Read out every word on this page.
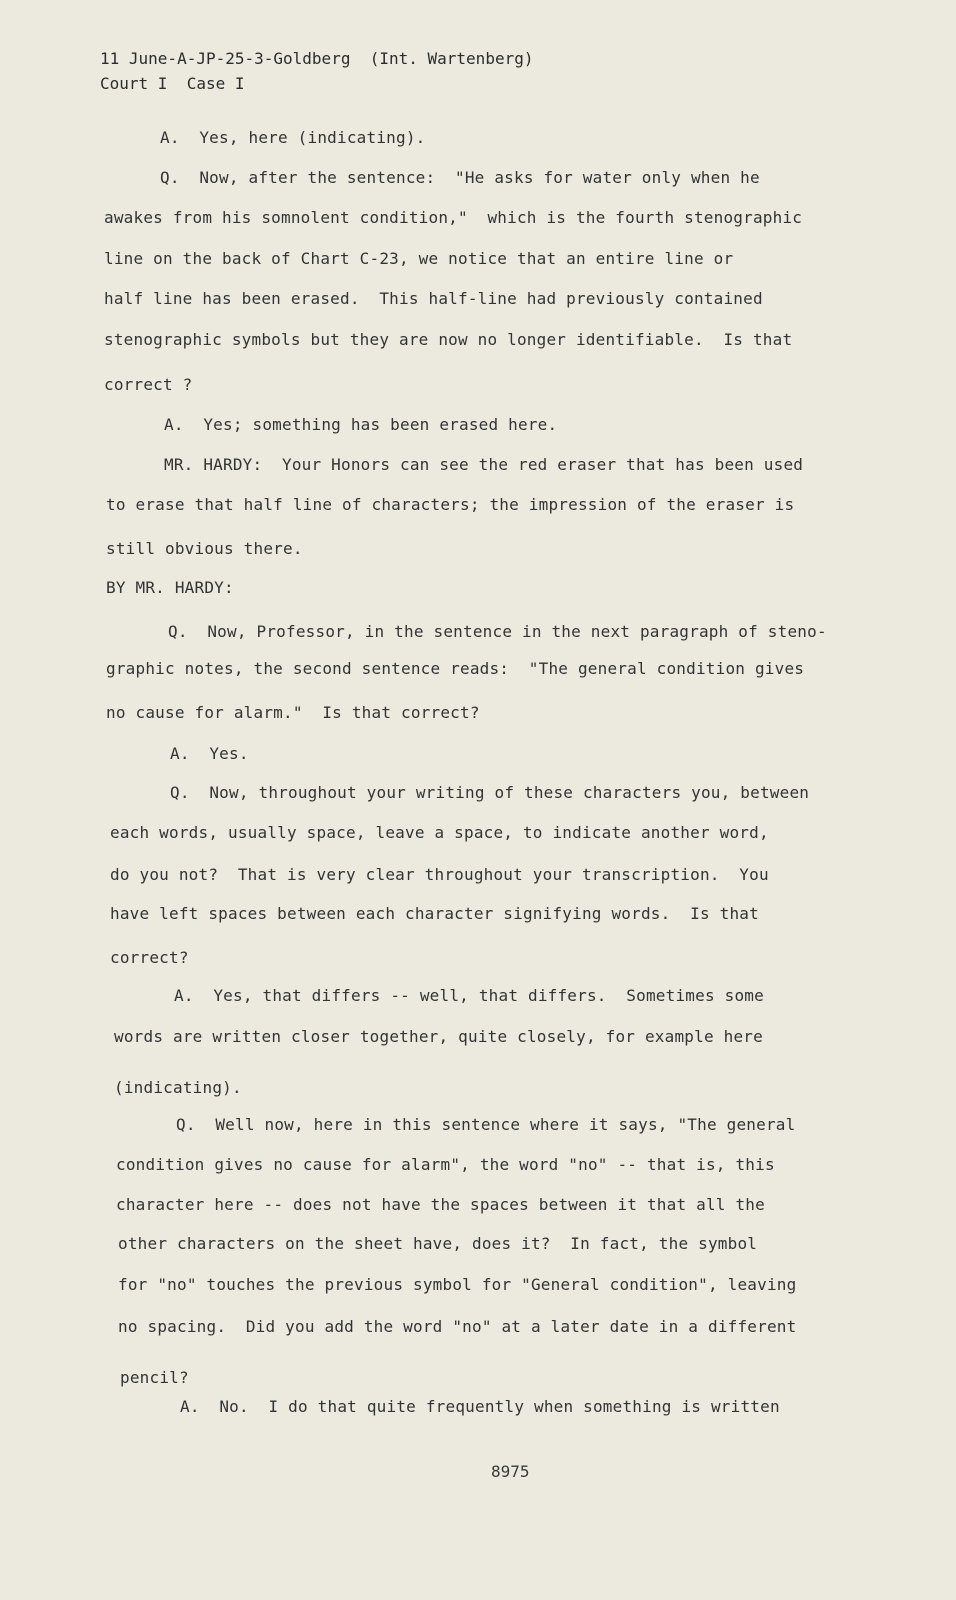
11 June-A-JP-25-3-Goldberg  (Int. Wartenberg)
Court I  Case I
A.  Yes, here (indicating).
Q.  Now, after the sentence:  "He asks for water only when he
awakes from his somnolent condition,"  which is the fourth stenographic
line on the back of Chart C-23, we notice that an entire line or
half line has been erased.  This half-line had previously contained
stenographic symbols but they are now no longer identifiable.  Is that
correct ?
A.  Yes; something has been erased here.
MR. HARDY:  Your Honors can see the red eraser that has been used
to erase that half line of characters; the impression of the eraser is
still obvious there.
BY MR. HARDY:
Q.  Now, Professor, in the sentence in the next paragraph of steno-
graphic notes, the second sentence reads:  "The general condition gives
no cause for alarm."  Is that correct?
A.  Yes.
Q.  Now, throughout your writing of these characters you, between
each words, usually space, leave a space, to indicate another word,
do you not?  That is very clear throughout your transcription.  You
have left spaces between each character signifying words.  Is that
correct?
A.  Yes, that differs -- well, that differs.  Sometimes some
words are written closer together, quite closely, for example here
(indicating).
Q.  Well now, here in this sentence where it says, "The general
condition gives no cause for alarm", the word "no" -- that is, this
character here -- does not have the spaces between it that all the
other characters on the sheet have, does it?  In fact, the symbol
for "no" touches the previous symbol for "General condition", leaving
no spacing.  Did you add the word "no" at a later date in a different
pencil?
A.  No.  I do that quite frequently when something is written
8975
